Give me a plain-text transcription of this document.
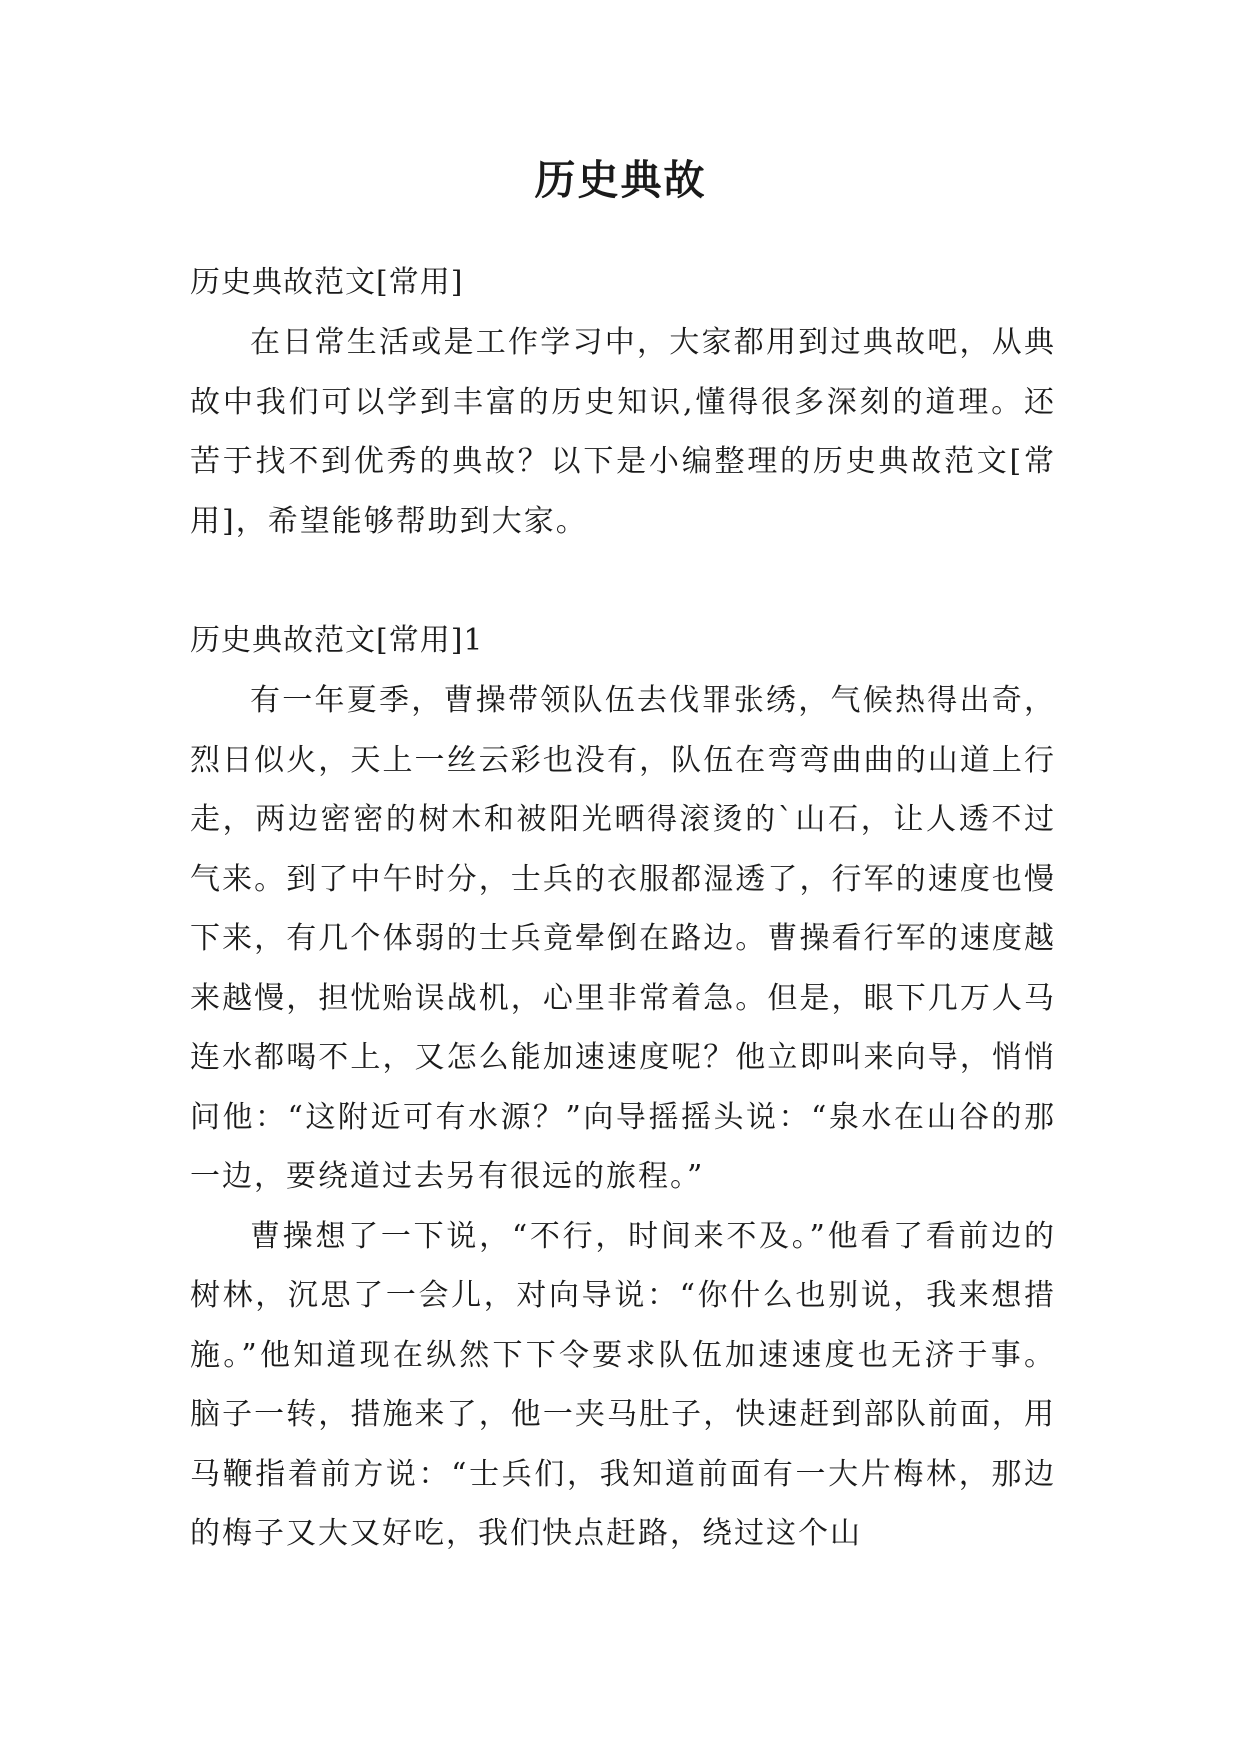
历史典故

历史典故范文[常用]

在日常生活或是工作学习中，大家都用到过典故吧，从典故中我们可以学到丰富的历史知识,懂得很多深刻的道理。还苦于找不到优秀的典故？以下是小编整理的历史典故范文[常用]，希望能够帮助到大家。

历史典故范文[常用]1

有一年夏季，曹操带领队伍去伐罪张绣，气候热得出奇，烈日似火，天上一丝云彩也没有，队伍在弯弯曲曲的山道上行走，两边密密的树木和被阳光晒得滚烫的`山石，让人透不过气来。到了中午时分，士兵的衣服都湿透了，行军的速度也慢下来，有几个体弱的士兵竟晕倒在路边。曹操看行军的速度越来越慢，担忧贻误战机，心里非常着急。但是，眼下几万人马连水都喝不上，又怎么能加速速度呢？他立即叫来向导，悄悄问他：“这附近可有水源？”向导摇摇头说：“泉水在山谷的那一边，要绕道过去另有很远的旅程。”

曹操想了一下说，“不行，时间来不及。”他看了看前边的树林，沉思了一会儿，对向导说：“你什么也别说，我来想措施。”他知道现在纵然下下令要求队伍加速速度也无济于事。脑子一转，措施来了，他一夹马肚子，快速赶到部队前面，用马鞭指着前方说：“士兵们，我知道前面有一大片梅林，那边的梅子又大又好吃，我们快点赶路，绕过这个山
